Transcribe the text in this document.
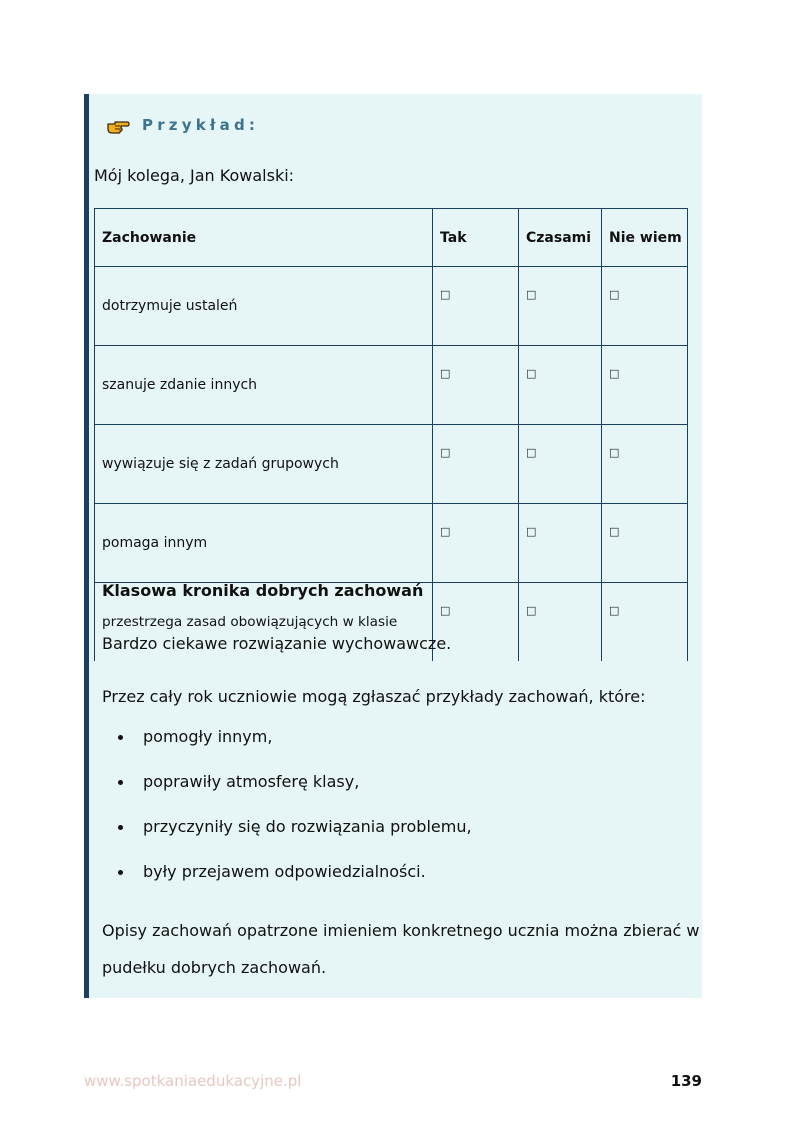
Przykład:
Mój kolega, Jan Kowalski:
Zachowanie	Tak	Czasami	Nie wiem
dotrzymuje ustaleń	□	□	□
szanuje zdanie innych	□	□	□
wywiązuje się z zadań grupowych	□	□	□
pomaga innym	□	□	□
przestrzega zasad obowiązujących w klasie	□	□	□
Klasowa kronika dobrych zachowań
Bardzo ciekawe rozwiązanie wychowawcze.
Przez cały rok uczniowie mogą zgłaszać przykłady zachowań, które:
pomogły innym,
poprawiły atmosferę klasy,
przyczyniły się do rozwiązania problemu,
były przejawem odpowiedzialności.
Opisy zachowań opatrzone imieniem konkretnego ucznia można zbierać w pudełku dobrych zachowań.
www.spotkaniaedukacyjne.pl	139
